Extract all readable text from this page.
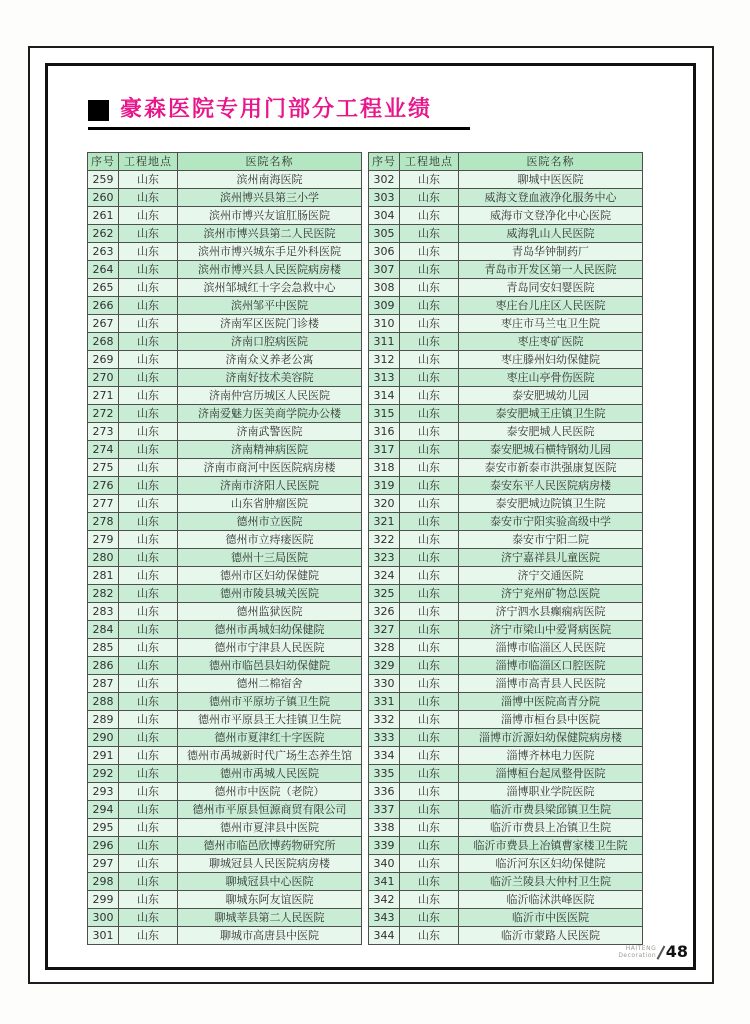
豪森医院专用门部分工程业绩
序号	工程地点	医院名称
259	山东	滨州南海医院
260	山东	滨州博兴县第三小学
261	山东	滨州市博兴友谊肛肠医院
262	山东	滨州市博兴县第二人民医院
263	山东	滨州市博兴城东手足外科医院
264	山东	滨州市博兴县人民医院病房楼
265	山东	滨州邹城红十字会急救中心
266	山东	滨州邹平中医院
267	山东	济南军区医院门诊楼
268	山东	济南口腔病医院
269	山东	济南众义养老公寓
270	山东	济南好技术美容院
271	山东	济南仲宫历城区人民医院
272	山东	济南爱魅力医美商学院办公楼
273	山东	济南武警医院
274	山东	济南精神病医院
275	山东	济南市商河中医医院病房楼
276	山东	济南市济阳人民医院
277	山东	山东省肿瘤医院
278	山东	德州市立医院
279	山东	德州市立痔瘘医院
280	山东	德州十三局医院
281	山东	德州市区妇幼保健院
282	山东	德州市陵县城关医院
283	山东	德州监狱医院
284	山东	德州市禹城妇幼保健院
285	山东	德州市宁津县人民医院
286	山东	德州市临邑县妇幼保健院
287	山东	德州二棉宿舍
288	山东	德州市平原坊子镇卫生院
289	山东	德州市平原县王大挂镇卫生院
290	山东	德州市夏津红十字医院
291	山东	德州市禹城新时代广场生态养生馆
292	山东	德州市禹城人民医院
293	山东	德州市中医院（老院）
294	山东	德州市平原县恒源商贸有限公司
295	山东	德州市夏津县中医院
296	山东	德州市临邑欣博药物研究所
297	山东	聊城冠县人民医院病房楼
298	山东	聊城冠县中心医院
299	山东	聊城东阿友谊医院
300	山东	聊城莘县第二人民医院
301	山东	聊城市高唐县中医院
序号	工程地点	医院名称
302	山东	聊城中医医院
303	山东	威海文登血液净化服务中心
304	山东	威海市文登净化中心医院
305	山东	威海乳山人民医院
306	山东	青岛华钟制药厂
307	山东	青岛市开发区第一人民医院
308	山东	青岛同安妇婴医院
309	山东	枣庄台儿庄区人民医院
310	山东	枣庄市马兰屯卫生院
311	山东	枣庄枣矿医院
312	山东	枣庄滕州妇幼保健院
313	山东	枣庄山亭骨伤医院
314	山东	泰安肥城幼儿园
315	山东	泰安肥城王庄镇卫生院
316	山东	泰安肥城人民医院
317	山东	泰安肥城石横特钢幼儿园
318	山东	泰安市新泰市洪强康复医院
319	山东	泰安东平人民医院病房楼
320	山东	泰安肥城边院镇卫生院
321	山东	泰安市宁阳实验高级中学
322	山东	泰安市宁阳二院
323	山东	济宁嘉祥县儿童医院
324	山东	济宁交通医院
325	山东	济宁兖州矿物总医院
326	山东	济宁泗水县癫痫病医院
327	山东	济宁市梁山中爱肾病医院
328	山东	淄博市临淄区人民医院
329	山东	淄博市临淄区口腔医院
330	山东	淄博市高青县人民医院
331	山东	淄博中医院高青分院
332	山东	淄博市桓台县中医院
333	山东	淄博市沂源妇幼保健院病房楼
334	山东	淄博齐林电力医院
335	山东	淄博桓台起凤整骨医院
336	山东	淄博职业学院医院
337	山东	临沂市费县梁邱镇卫生院
338	山东	临沂市费县上冶镇卫生院
339	山东	临沂市费县上冶镇曹家楼卫生院
340	山东	临沂河东区妇幼保健院
341	山东	临沂兰陵县大仲村卫生院
342	山东	临沂临沭洪峰医院
343	山东	临沂市中医医院
344	山东	临沂市蒙路人民医院
HAITENG
Decoration 48
